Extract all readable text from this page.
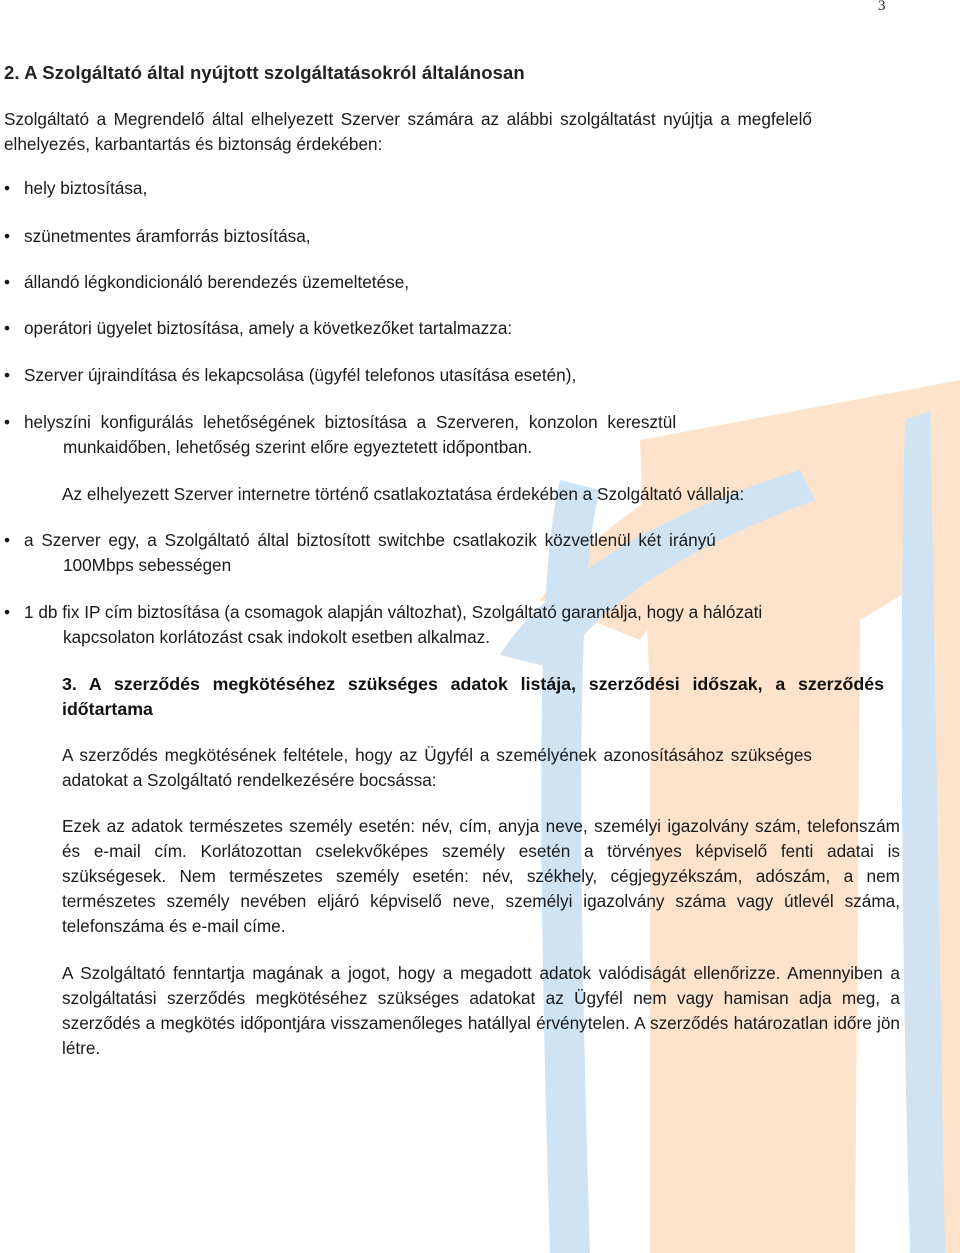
3
2. A Szolgáltató által nyújtott szolgáltatásokról általánosan

Szolgáltató a Megrendelő által elhelyezett Szerver számára az alábbi szolgáltatást nyújtja a megfelelő elhelyezés, karbantartás és biztonság érdekében:

• hely biztosítása,
• szünetmentes áramforrás biztosítása,
• állandó légkondicionáló berendezés üzemeltetése,
• operátori ügyelet biztosítása, amely a következőket tartalmazza:
• Szerver újraindítása és lekapcsolása (ügyfél telefonos utasítása esetén),
• helyszíni konfigurálás lehetőségének biztosítása a Szerveren, konzolon keresztül
munkaidőben, lehetőség szerint előre egyeztetett időpontban.

Az elhelyezett Szerver internetre történő csatlakoztatása érdekében a Szolgáltató vállalja:

• a Szerver egy, a Szolgáltató által biztosított switchbe csatlakozik közvetlenül két irányú
100Mbps sebességen
• 1 db fix IP cím biztosítása (a csomagok alapján változhat), Szolgáltató garantálja, hogy a hálózati
kapcsolaton korlátozást csak indokolt esetben alkalmaz.
3. A szerződés megkötéséhez szükséges adatok listája, szerződési időszak, a szerződés időtartama

A szerződés megkötésének feltétele, hogy az Ügyfél a személyének azonosításához szükséges adatokat a Szolgáltató rendelkezésére bocsássa:

Ezek az adatok természetes személy esetén: név, cím, anyja neve, személyi igazolvány szám, telefonszám és e-mail cím. Korlátozottan cselekvőképes személy esetén a törvényes képviselő fenti adatai is szükségesek. Nem természetes személy esetén: név, székhely, cégjegyzékszám, adószám, a nem természetes személy nevében eljáró képviselő neve, személyi igazolvány száma vagy útlevél száma, telefonszáma és e-mail címe.

A Szolgáltató fenntartja magának a jogot, hogy a megadott adatok valódiságát ellenőrizze. Amennyiben a szolgáltatási szerződés megkötéséhez szükséges adatokat az Ügyfél nem vagy hamisan adja meg, a szerződés a megkötés időpontjára visszamenőleges hatállyal érvénytelen. A szerződés határozatlan időre jön létre.
